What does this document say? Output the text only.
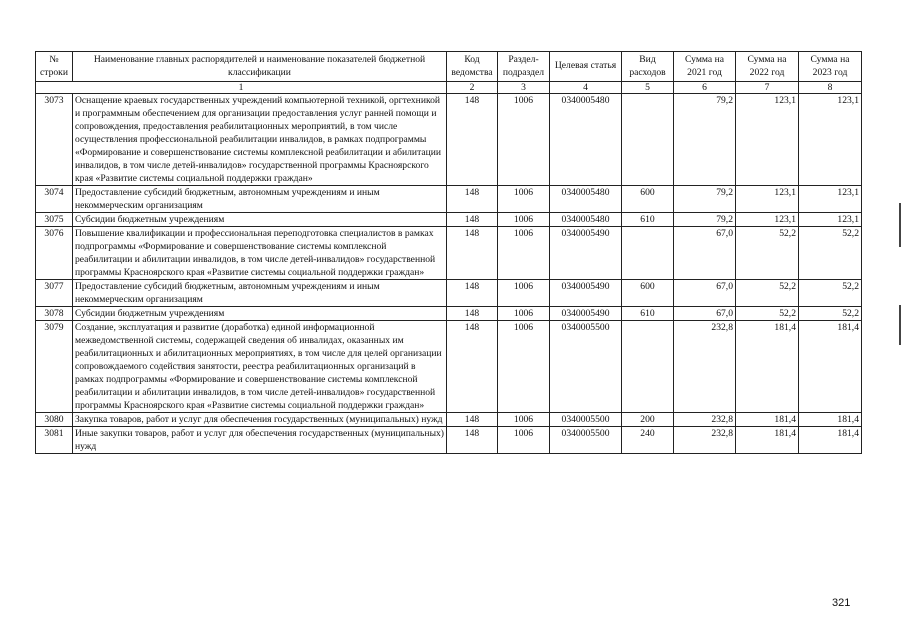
№ строки	Наименование главных распорядителей и наименование показателей бюджетной классификации	Код ведомства	Раздел-подраздел	Целевая статья	Вид расходов	Сумма на 2021 год	Сумма на 2022 год	Сумма на 2023 год
1		2	3	4	5	6	7	8
3073	Оснащение краевых государственных учреждений компьютерной техникой, оргтехникой и программным обеспечением для организации предоставления услуг ранней помощи и сопровождения, предоставления реабилитационных мероприятий, в том числе осуществления профессиональной реабилитации инвалидов, в рамках подпрограммы «Формирование и совершенствование системы комплексной реабилитации и абилитации инвалидов, в том числе детей-инвалидов» государственной программы Красноярского края «Развитие системы социальной поддержки граждан»	148	1006	0340005480		79,2	123,1	123,1
3074	Предоставление субсидий бюджетным, автономным учреждениям и иным некоммерческим организациям	148	1006	0340005480	600	79,2	123,1	123,1
3075	Субсидии бюджетным учреждениям	148	1006	0340005480	610	79,2	123,1	123,1
3076	Повышение квалификации и профессиональная переподготовка специалистов в рамках подпрограммы «Формирование и совершенствование системы комплексной реабилитации и абилитации инвалидов, в том числе детей-инвалидов» государственной программы Красноярского края «Развитие системы социальной поддержки граждан»	148	1006	0340005490		67,0	52,2	52,2
3077	Предоставление субсидий бюджетным, автономным учреждениям и иным некоммерческим организациям	148	1006	0340005490	600	67,0	52,2	52,2
3078	Субсидии бюджетным учреждениям	148	1006	0340005490	610	67,0	52,2	52,2
3079	Создание, эксплуатация и развитие (доработка) единой информационной межведомственной системы, содержащей сведения об инвалидах, оказанных им реабилитационных и абилитационных мероприятиях, в том числе для целей организации сопровождаемого содействия занятости, реестра реабилитационных организаций в рамках подпрограммы «Формирование и совершенствование системы комплексной реабилитации и абилитации инвалидов, в том числе детей-инвалидов» государственной программы Красноярского края «Развитие системы социальной поддержки граждан»	148	1006	0340005500		232,8	181,4	181,4
3080	Закупка товаров, работ и услуг для обеспечения государственных (муниципальных) нужд	148	1006	0340005500	200	232,8	181,4	181,4
3081	Иные закупки товаров, работ и услуг для обеспечения государственных (муниципальных) нужд	148	1006	0340005500	240	232,8	181,4	181,4
321
